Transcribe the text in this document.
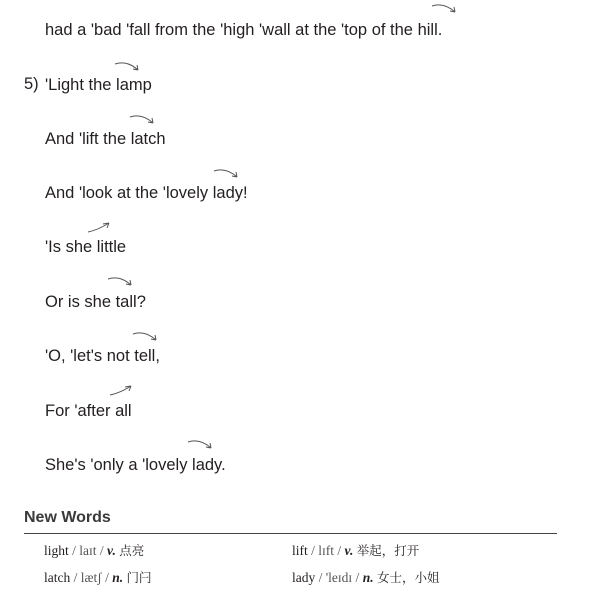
had a 'bad 'fall from the 'high 'wall at the 'top of the hill.
5) 'Light the lamp
And 'lift the latch
And 'look at the 'lovely lady!
'Is she little
Or is she tall?
'O, 'let's not tell,
For 'after all
She's 'only a 'lovely lady.
New Words
light / laɪt / v. 点亮	lift / lɪft / v. 举起，打开
latch / lætʃ / n. 门闩	lady / 'leɪdɪ / n. 女士，小姐
